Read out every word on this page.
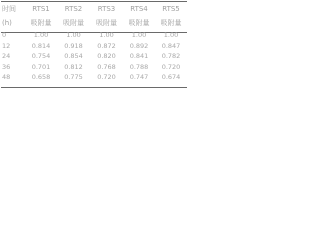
时间	RTS1	RTS2	RTS3	RTS4	RTS5
(h)	吸附量	吸附量	吸附量	吸附量	吸附量
0	1.00	1.00	1.00	1.00	1.00
12	0.814	0.918	0.872	0.892	0.847
24	0.754	0.854	0.820	0.841	0.782
36	0.701	0.812	0.768	0.788	0.720
48	0.658	0.775	0.720	0.747	0.674
